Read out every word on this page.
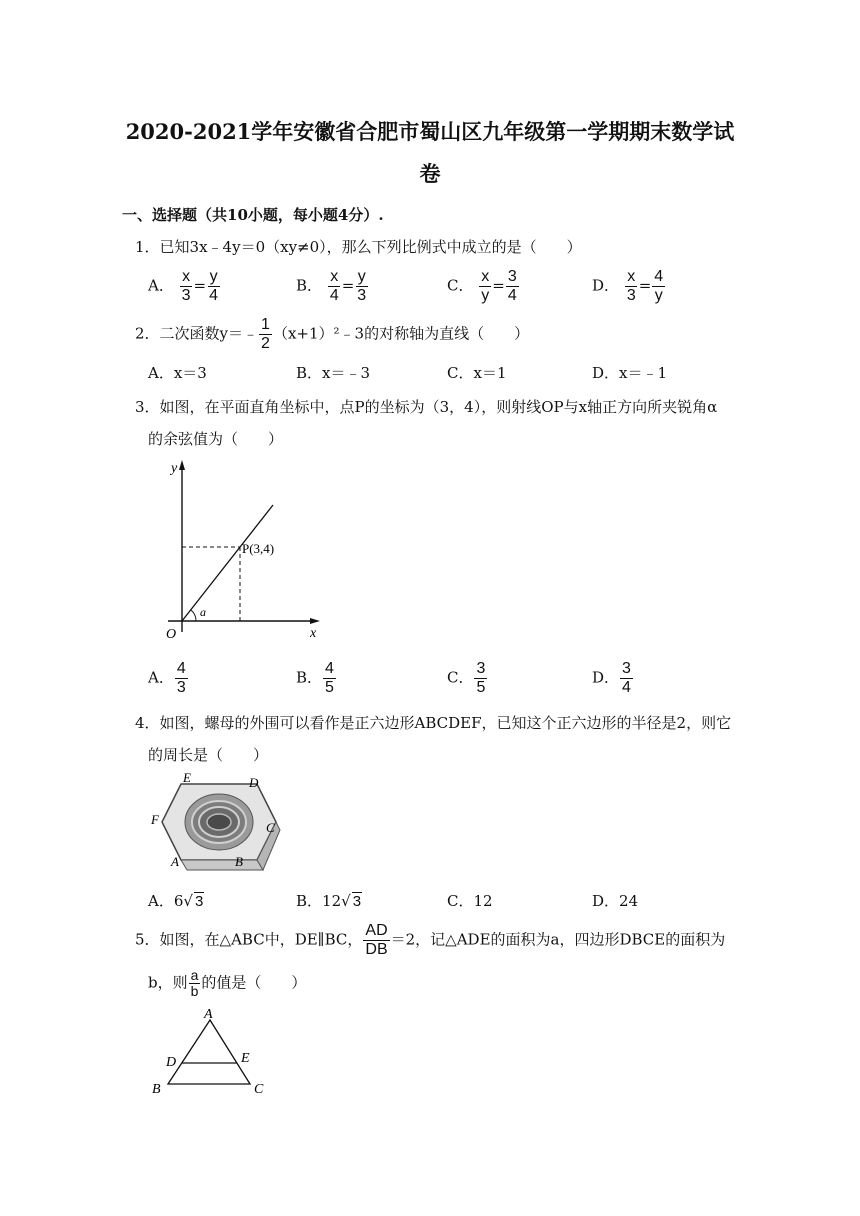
2020-2021学年安徽省合肥市蜀山区九年级第一学期期末数学试
卷
一、选择题（共10小题，每小题4分）.
1．已知3x﹣4y＝0（xy≠0），那么下列比例式中成立的是（　　）
A． $\frac{x}{3} = \frac{y}{4}$	B． $\frac{x}{4} = \frac{y}{3}$	C． $\frac{x}{y} = \frac{3}{4}$	D． $\frac{x}{3} = \frac{4}{y}$
2．二次函数y＝﹣ $\frac{1}{2}$ （x+1）²﹣3的对称轴为直线（　　）
A．x＝3	B．x＝﹣3	C．x＝1	D．x＝﹣1
3．如图，在平面直角坐标中，点P的坐标为（3，4），则射线OP与x轴正方向所夹锐角α
的余弦值为（　　）
y
x
O
P(3,4)
a
A． $\frac{4}{3}$	B． $\frac{4}{5}$	C． $\frac{3}{5}$	D． $\frac{3}{4}$
4．如图，螺母的外围可以看作是正六边形ABCDEF，已知这个正六边形的半径是2，则它
的周长是（　　）
E	D
F
C
A	B
A．6√ 3	B．12√ 3	C．12	D．24
5．如图，在△ABC中，DE∥BC， $\frac{AD}{DB} =2$，记△ADE的面积为a，四边形DBCE的面积为
b，则 $\frac{a}{b}$ 的值是（　　）
A
D	E
B	C
